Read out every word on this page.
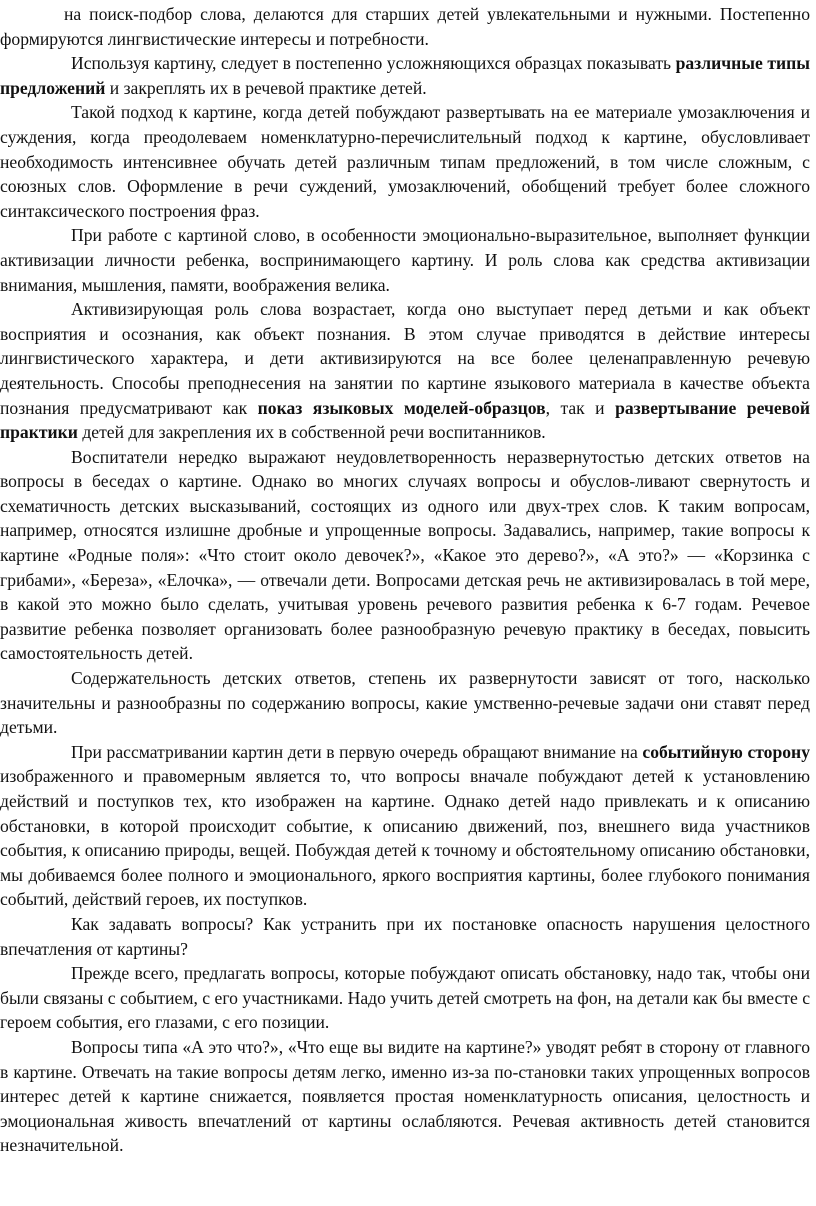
на поиск-подбор слова, делаются для старших детей увлекательными и нужными. Постепенно формируются лингвистические интересы и потребности.

Используя картину, следует в постепенно усложняющихся образцах показывать различные типы предложений и закреплять их в речевой практике детей.

Такой подход к картине, когда детей побуждают развертывать на ее материале умозаключения и суждения, когда преодолеваем номенклатурно-перечислительный подход к картине, обусловливает необходимость интенсивнее обучать детей различным типам предложений, в том числе сложным, с союзных слов. Оформление в речи суждений, умозаключений, обобщений требует более сложного синтаксического построения фраз.

При работе с картиной слово, в особенности эмоционально-выразительное, выполняет функции активизации личности ребенка, воспринимающего картину. И роль слова как средства активизации внимания, мышления, памяти, воображения велика.

Активизирующая роль слова возрастает, когда оно выступает перед детьми и как объект восприятия и осознания, как объект познания. В этом случае приводятся в действие интересы лингвистического характера, и дети активизируются на все более целенаправленную речевую деятельность. Способы преподнесения на занятии по картине языкового материала в качестве объекта познания предусматривают как показ языковых моделей-образцов, так и развертывание речевой практики детей для закрепления их в собственной речи воспитанников.

Воспитатели нередко выражают неудовлетворенность неразвернутостью детских ответов на вопросы в беседах о картине. Однако во многих случаях вопросы и обуслов-ливают свернутость и схематичность детских высказываний, состоящих из одного или двух-трех слов. К таким вопросам, например, относятся излишне дробные и упрощенные вопросы. Задавались, например, такие вопросы к картине «Родные поля»: «Что стоит около девочек?», «Какое это дерево?», «А это?» — «Корзинка с грибами», «Береза», «Елочка», — отвечали дети. Вопросами детская речь не активизировалась в той мере, в какой это можно было сделать, учитывая уровень речевого развития ребенка к 6-7 годам. Речевое развитие ребенка позволяет организовать более разнообразную речевую практику в беседах, повысить самостоятельность детей.

Содержательность детских ответов, степень их развернутости зависят от того, насколько значительны и разнообразны по содержанию вопросы, какие умственно-речевые задачи они ставят перед детьми.

При рассматривании картин дети в первую очередь обращают внимание на событийную сторону изображенного и правомерным является то, что вопросы вначале побуждают детей к установлению действий и поступков тех, кто изображен на картине. Однако детей надо привлекать и к описанию обстановки, в которой происходит событие, к описанию движений, поз, внешнего вида участников события, к описанию природы, вещей. Побуждая детей к точному и обстоятельному описанию обстановки, мы добиваемся более полного и эмоционального, яркого восприятия картины, более глубокого понимания событий, действий героев, их поступков.

Как задавать вопросы? Как устранить при их постановке опасность нарушения целостного впечатления от картины?

Прежде всего, предлагать вопросы, которые побуждают описать обстановку, надо так, чтобы они были связаны с событием, с его участниками. Надо учить детей смотреть на фон, на детали как бы вместе с героем события, его глазами, с его позиции.

Вопросы типа «А это что?», «Что еще вы видите на картине?» уводят ребят в сторону от главного в картине. Отвечать на такие вопросы детям легко, именно из-за по-становки таких упрощенных вопросов интерес детей к картине снижается, появляется простая номенклатурность описания, целостность и эмоциональная живость впечатлений от картины ослабляются. Речевая активность детей становится незначительной.
